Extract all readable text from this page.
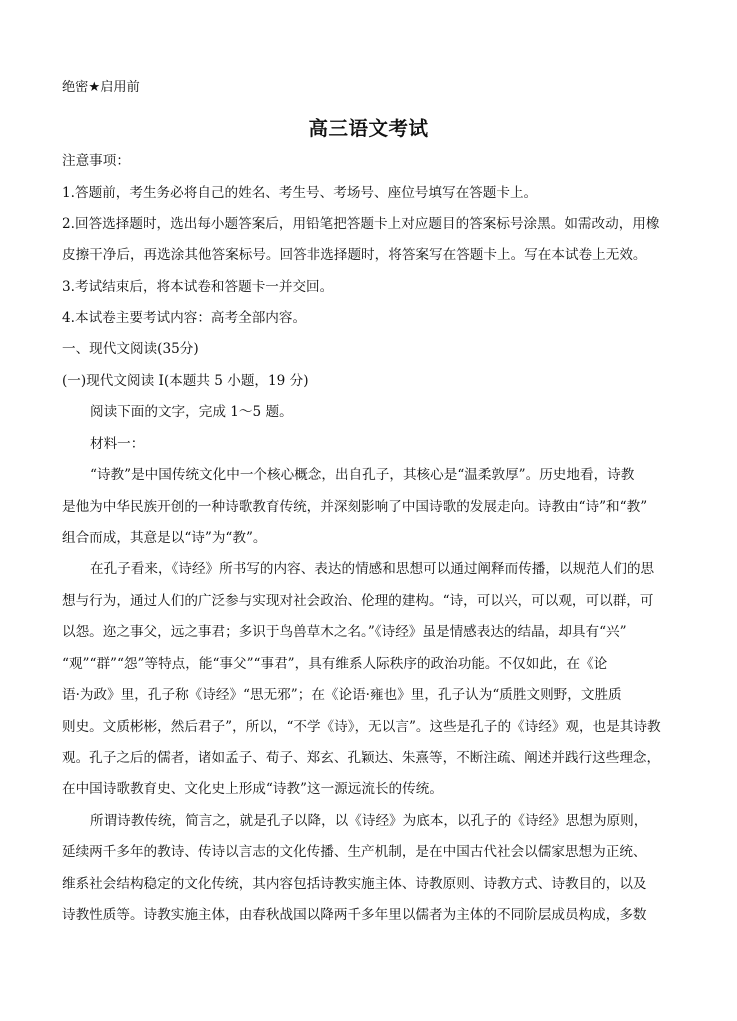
绝密★启用前
高三语文考试
注意事项：
1.答题前，考生务必将自己的姓名、考生号、考场号、座位号填写在答题卡上。
2.回答选择题时，选出每小题答案后，用铅笔把答题卡上对应题目的答案标号涂黑。如需改动，用橡
皮擦干净后，再选涂其他答案标号。回答非选择题时，将答案写在答题卡上。写在本试卷上无效。
3.考试结束后，将本试卷和答题卡一并交回。
4.本试卷主要考试内容：高考全部内容。
一、现代文阅读(35分)
(一)现代文阅读 I(本题共 5 小题，19 分)
阅读下面的文字，完成 1～5 题。
材料一：
“诗教”是中国传统文化中一个核心概念，出自孔子，其核心是“温柔敦厚”。历史地看，诗教
是他为中华民族开创的一种诗歌教育传统，并深刻影响了中国诗歌的发展走向。诗教由“诗”和“教”
组合而成，其意是以“诗”为“教”。
在孔子看来，《诗经》所书写的内容、表达的情感和思想可以通过阐释而传播，以规范人们的思
想与行为，通过人们的广泛参与实现对社会政治、伦理的建构。“诗，可以兴，可以观，可以群，可
以怨。迩之事父，远之事君；多识于鸟兽草木之名。”《诗经》虽是情感表达的结晶，却具有“兴”
“观”“群”“怨”等特点，能“事父”“事君”，具有维系人际秩序的政治功能。不仅如此，在《论
语·为政》里，孔子称《诗经》“思无邪”；在《论语·雍也》里，孔子认为“质胜文则野，文胜质
则史。文质彬彬，然后君子”，所以，“不学《诗》，无以言”。这些是孔子的《诗经》观，也是其诗教
观。孔子之后的儒者，诸如孟子、荀子、郑玄、孔颖达、朱熹等，不断注疏、阐述并践行这些理念，
在中国诗歌教育史、文化史上形成“诗教”这一源远流长的传统。
所谓诗教传统，简言之，就是孔子以降，以《诗经》为底本，以孔子的《诗经》思想为原则，
延续两千多年的教诗、传诗以言志的文化传播、生产机制，是在中国古代社会以儒家思想为正统、
维系社会结构稳定的文化传统，其内容包括诗教实施主体、诗教原则、诗教方式、诗教目的，以及
诗教性质等。诗教实施主体，由春秋战国以降两千多年里以儒者为主体的不同阶层成员构成，多数
